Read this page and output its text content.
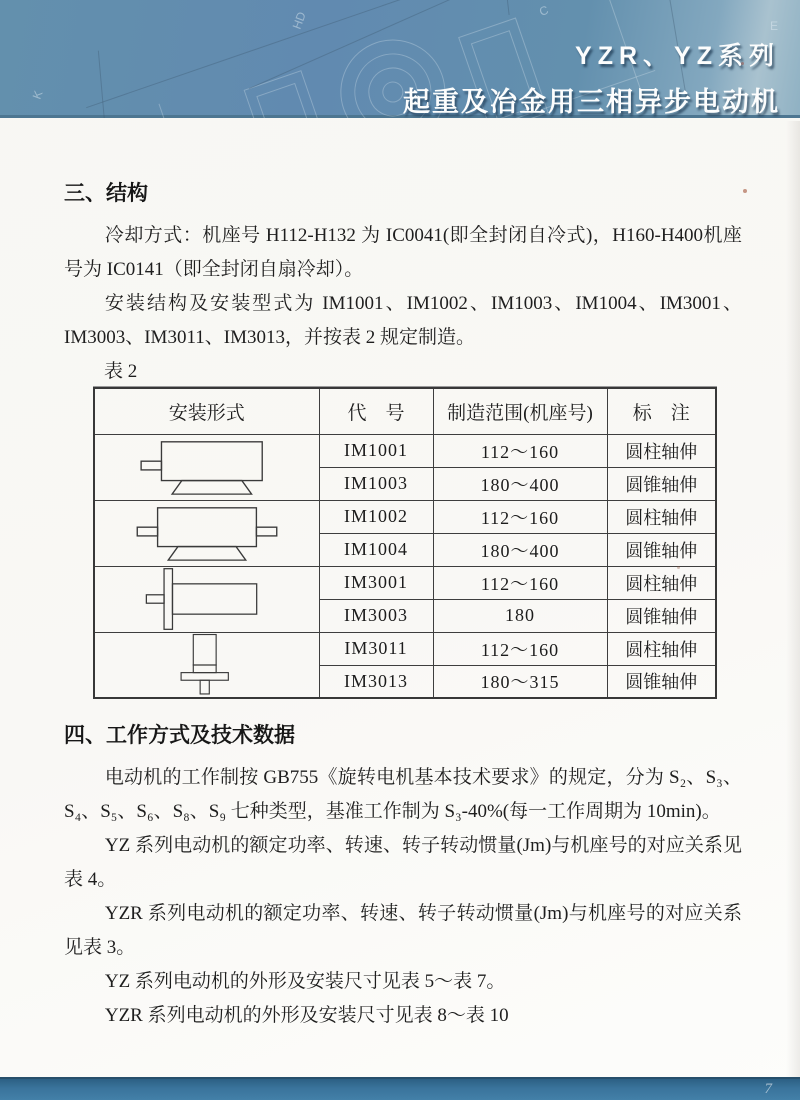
C
E
HD
K
YZR、YZ系列
起重及冶金用三相异步电动机
三、结构

冷却方式：机座号 H112-H132 为 IC0041(即全封闭自冷式)，H160-H400机座号为 IC0141（即全封闭自扇冷却）。

安装结构及安装型式为 IM1001、IM1002、IM1003、IM1004、IM3001、IM3003、IM3011、IM3013，并按表 2 规定制造。

表 2
安装形式	代　号	制造范围(机座号)	标　注

	IM1001	112～160	圆柱轴伸
	IM1003	180～400	圆锥轴伸

	IM1002	112～160	圆柱轴伸
	IM1004	180～400	圆锥轴伸

	IM3001	112～160	圆柱轴伸
	IM3003	180	圆锥轴伸

	IM3011	112～160	圆柱轴伸
	IM3013	180～315	圆锥轴伸
四、工作方式及技术数据

电动机的工作制按 GB755《旋转电机基本技术要求》的规定，分为 S₂、S₃、S₄、S₅、S₆、S₈、S₉ 七种类型，基准工作制为 S₃-40%(每一工作周期为 10min)。

YZ 系列电动机的额定功率、转速、转子转动惯量(Jm)与机座号的对应关系见表 4。

YZR 系列电动机的额定功率、转速、转子转动惯量(Jm)与机座号的对应关系见表 3。

YZ 系列电动机的外形及安装尺寸见表 5～表 7。

YZR 系列电动机的外形及安装尺寸见表 8～表 10

7
